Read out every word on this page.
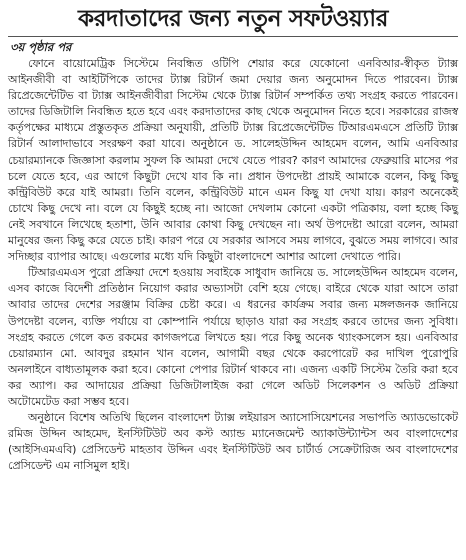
করদাতাদের জন্য নতুন সফটওয়্যার
৩য় পৃষ্ঠার পর

ফোনে বায়োমেট্রিক সিস্টেমে নিবন্ধিত ওটিপি শেয়ার করে যেকোনো এনবিআর-স্বীকৃত ট্যাক্স আইনজীবী বা আইটিপিকে তাদের ট্যাক্স রিটার্ন জমা দেয়ার জন্য অনুমোদন দিতে পারবেন। ট্যাক্স রিপ্রেজেন্টেটিভ বা ট্যাক্স আইনজীবীরা সিস্টেম থেকে ট্যাক্স রিটার্ন সম্পর্কিত তথ্য সংগ্রহ করতে পারবেন। তাদের ডিজিটালি নিবন্ধিত হতে হবে এবং করদাতাদের কাছ থেকে অনুমোদন নিতে হবে। সরকারের রাজস্ব কর্তৃপক্ষের মাধ্যমে প্রস্তুতকৃত প্রক্রিয়া অনুযায়ী, প্রতিটি ট্যাক্স রিপ্রেজেন্টেটিভ টিআরএমএসে প্রতিটি ট্যাক্স রিটার্ন আলাদাভাবে সংরক্ষণ করা যাবে। অনুষ্ঠানে ড. সালেহউদ্দিন আহমেদ বলেন, আমি এনবিআর চেয়ারম্যানকে জিজ্ঞাসা করলাম সুফল কি আমরা দেখে যেতে পারব? কারণ আমাদের ফেব্রুয়ারি মাসের পর চলে যেতে হবে, এর আগে কিছুটা দেখে যাব কি না। প্রধান উপদেষ্টা প্রায়ই আমাকে বলেন, কিছু কিছু কন্ট্রিবিউট করে যাই আমরা। তিনি বলেন, কন্ট্রিবিউট মানে এমন কিছু যা দেখা যায়। কারণ অনেকেই চোখে কিছু দেখে না। বলে যে কিছুই হচ্ছে না। আজো দেখলাম কোনো একটা পত্রিকায়, বলা হচ্ছে কিছু নেই সবখানে লিখেছে হতাশা, উনি আবার কোথা কিছু দেখছেন না। অর্থ উপদেষ্টা আরো বলেন, আমরা মানুষের জন্য কিছু করে যেতে চাই। কারণ পরে যে সরকার আসবে সময় লাগবে, বুঝতে সময় লাগবে। আর সদিচ্ছার ব্যাপার আছে। এগুলোর মধ্যে যদি কিছুটা বাংলাদেশে আশার আলো দেখাতে পারি।

টিআরএমএস পুরো প্রক্রিয়া দেশে হওয়ায় সবাইকে সাধুবাদ জানিয়ে ড. সালেহউদ্দিন আহমেদ বলেন, এসব কাজে বিদেশী প্রতিষ্ঠান নিয়োগ করার অভ্যাসটা বেশি হয়ে গেছে। বাইরে থেকে যারা আসে তারা আবার তাদের দেশের সরঞ্জাম বিক্রির চেষ্টা করে। এ ধরনের কার্যক্রম সবার জন্য মঙ্গলজনক জানিয়ে উপদেষ্টা বলেন, ব্যক্তি পর্যায়ে বা কোম্পানি পর্যায়ে ছাড়াও যারা কর সংগ্রহ করবে তাদের জন্য সুবিধা। সংগ্রহ করতে গেলে কত রকমের কাগজপত্রে লিখতে হয়। পরে কিছু অনেক থ্যাংকসলেস হয়। এনবিআর চেয়ারম্যান মো. আবদুর রহমান খান বলেন, আগামী বছর থেকে করপোরেট কর দাখিল পুরোপুরি অনলাইনে বাধ্যতামূলক করা হবে। কোনো পেপার রিটার্ন থাকবে না। এজন্য একটি সিস্টেম তৈরি করা হবে কর অ্যাপ। কর আদায়ের প্রক্রিয়া ডিজিটালাইজ করা গেলে অডিট সিলেকশন ও অডিট প্রক্রিয়া অটোমেটেড করা সম্ভব হবে।

অনুষ্ঠানে বিশেষ অতিথি ছিলেন বাংলাদেশ ট্যাক্স লইয়ারস অ্যাসোসিয়েশনের সভাপতি অ্যাডভোকেট রমিজ উদ্দিন আহমেদ, ইনস্টিটিউট অব কস্ট অ্যান্ড ম্যানেজমেন্ট অ্যাকাউন্ট্যান্টস অব বাংলাদেশের (আইসিএমএবি) প্রেসিডেন্ট মাহতাব উদ্দিন এবং ইনস্টিটিউট অব চার্টার্ড সেক্রেটারিজ অব বাংলাদেশের প্রেসিডেন্ট এম নাসিমুল হাই।
